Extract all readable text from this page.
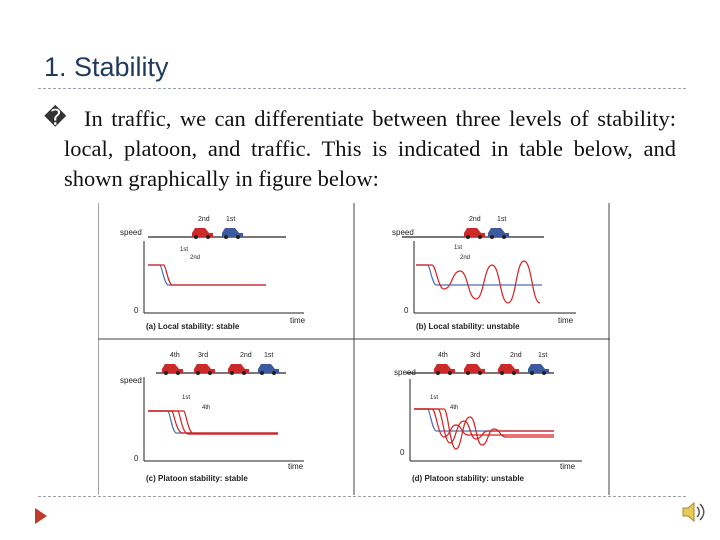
1. Stability
� In traffic, we can differentiate between three levels of stability: local, platoon, and traffic. This is indicated in table below, and shown graphically in figure below:
2nd 1st
speed
0
time
1st
2nd
(a) Local stability: stable
2nd 1st
speed
0
time
1st
2nd
(b) Local stability: unstable
4th	3rd	2nd 1st
speed
0
time
1st
4th
(c) Platoon stability: stable
4th	3rd	2nd 1st
speed
0
time
1st
4th
(d) Platoon stability: unstable
